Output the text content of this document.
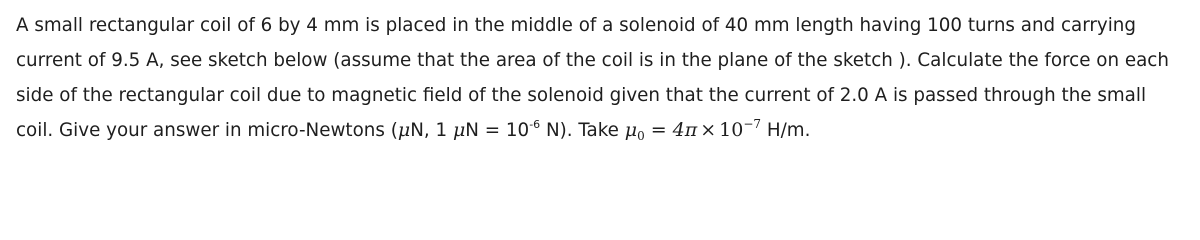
A small rectangular coil of 6 by 4 mm is placed in the middle of a solenoid of 40 mm length having 100 turns and carrying
current of 9.5 A, see sketch below (assume that the area of the coil is in the plane of the sketch ). Calculate the force on each
side of the rectangular coil due to magnetic field of the solenoid given that the current of 2.0 A is passed through the small
coil. Give your answer in micro-Newtons (μN, 1 $\mu N = 10^{-6}$ N). Take $\mu_0 = 4\pi \times 10^{-7}$ H/m.
